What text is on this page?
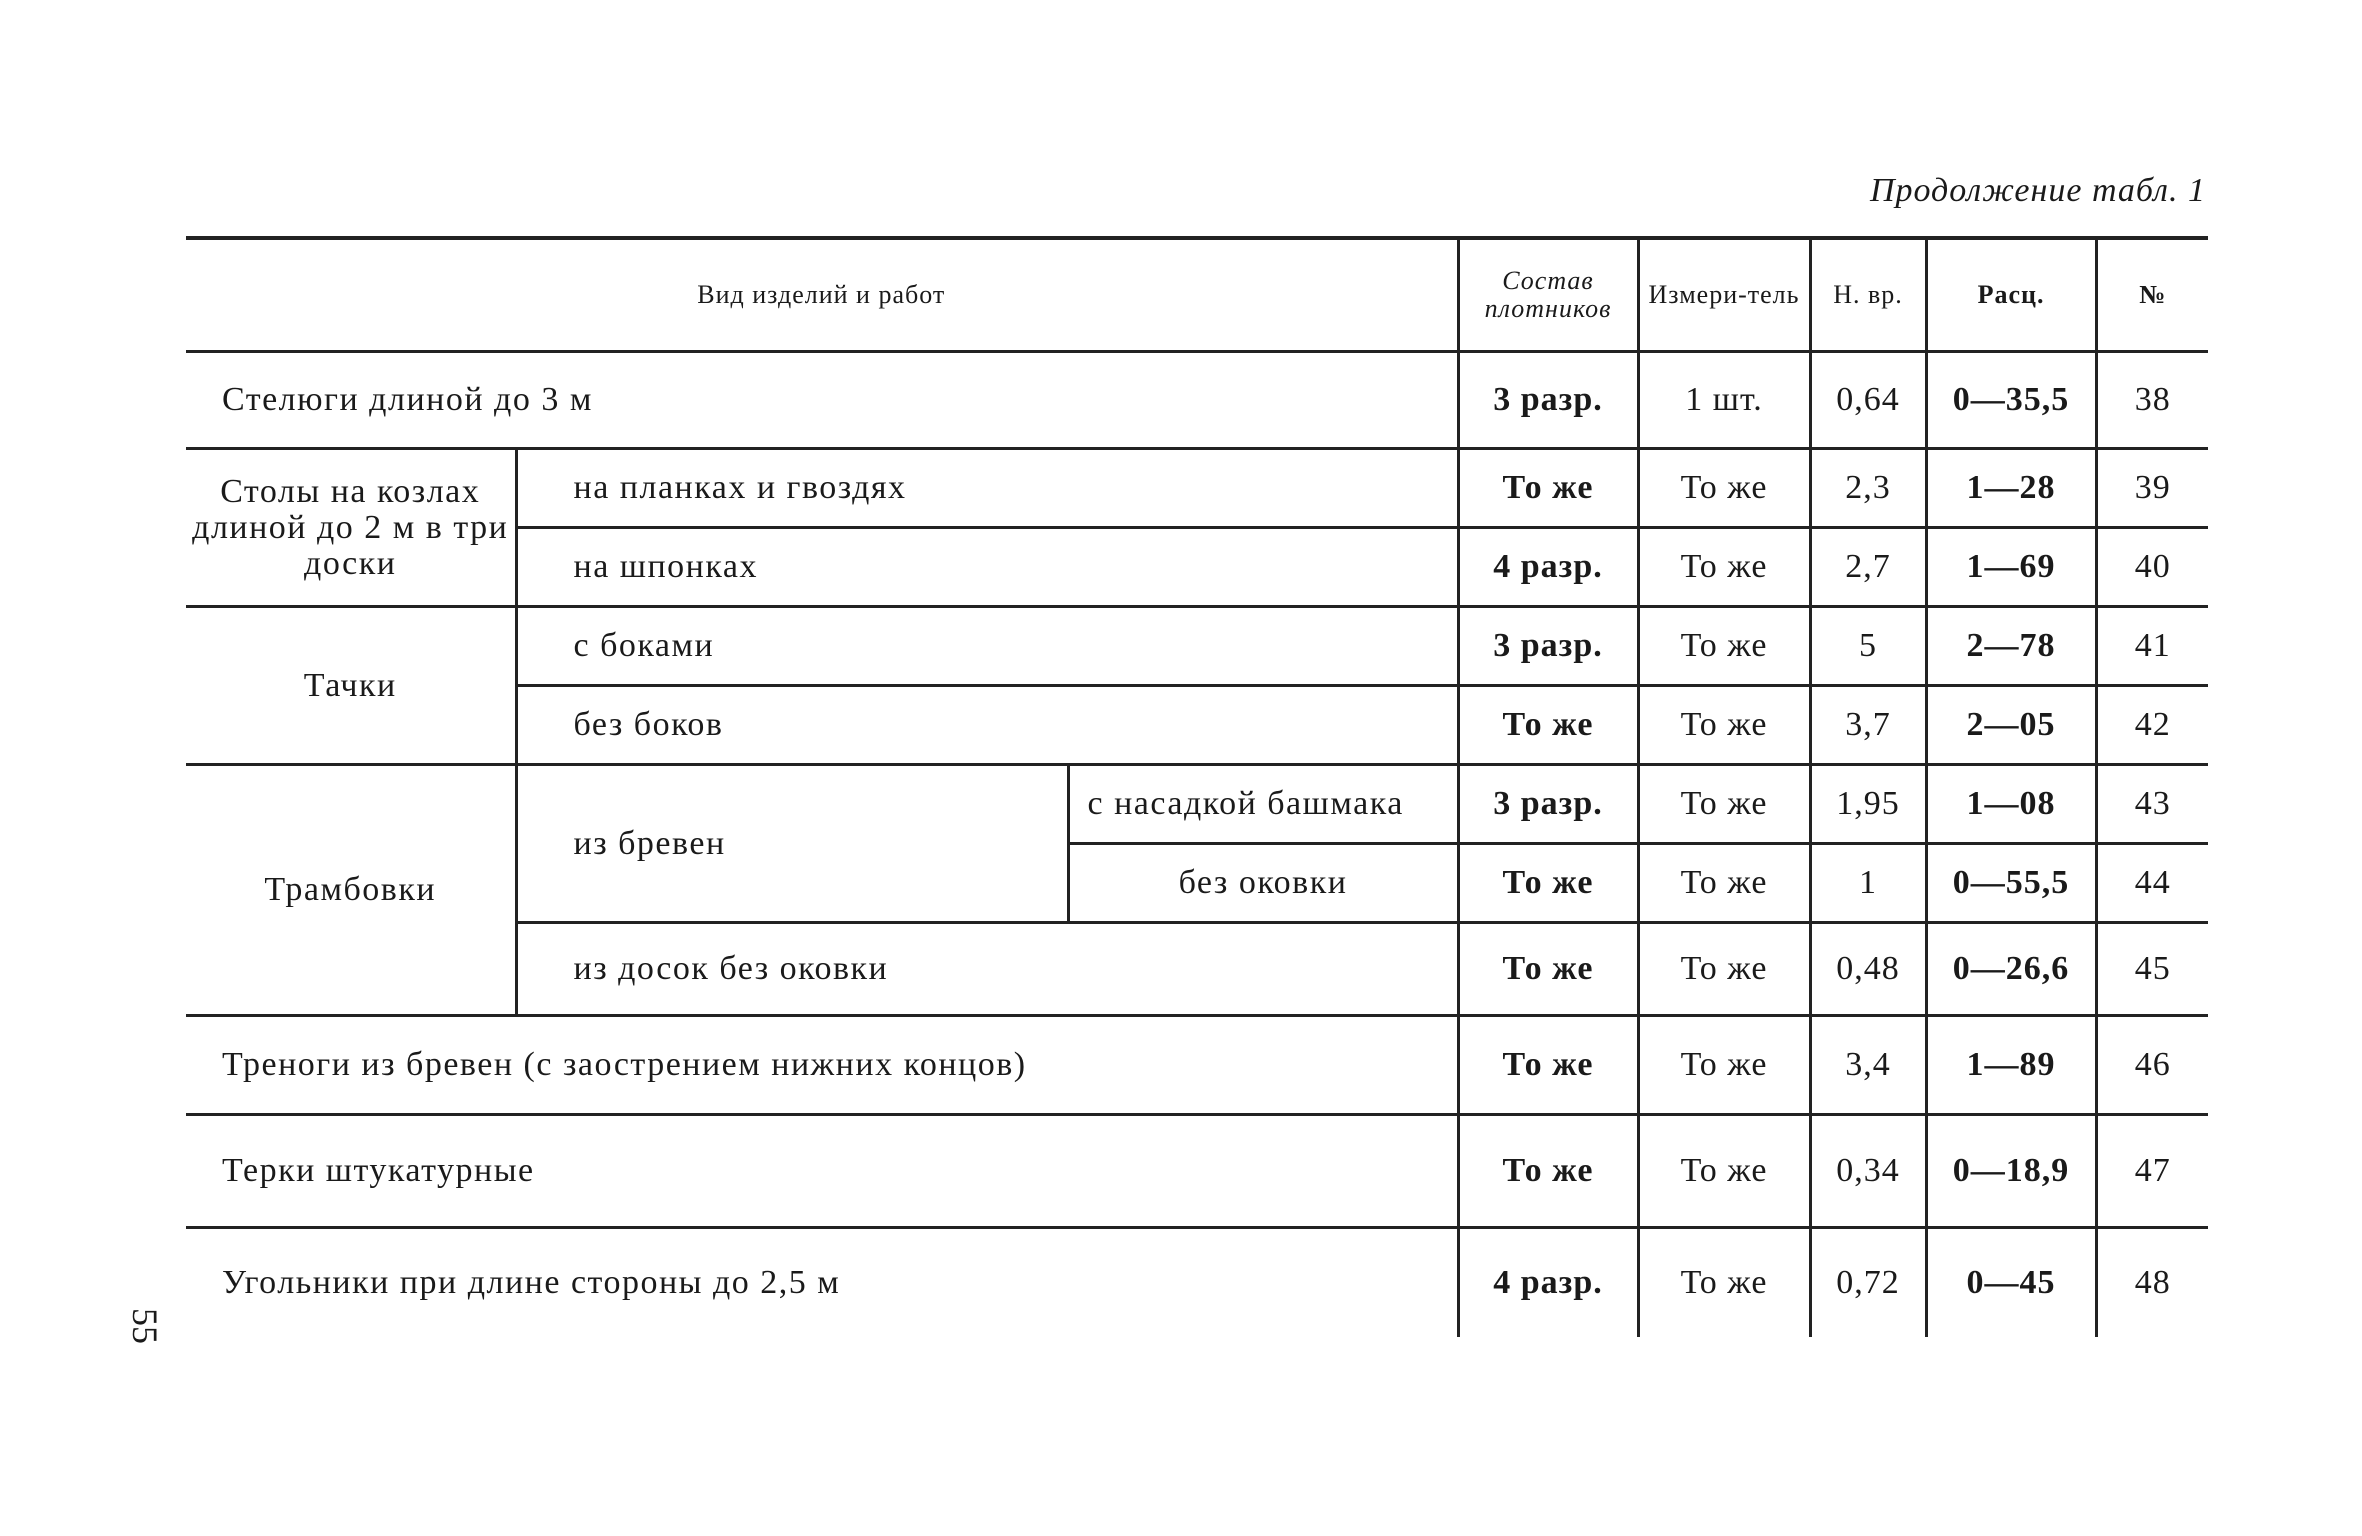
Продолжение табл. 1
55
Вид изделий и работ			Состав плотников	Измери-тель	Н. вр.	Расц.	№
Стелюги длиной до 3 м			3 разр.	1 шт.	0,64	0—35,5	38
Столы на козлах длиной до 2 м в три доски	на планках и гвоздях		То же	То же	2,3	1—28	39
	на шпонках		4 разр.	То же	2,7	1—69	40
Тачки	с боками		3 разр.	То же	5	2—78	41
	без боков		То же	То же	3,7	2—05	42
Трамбовки	из бревен	с насадкой башмака	3 разр.	То же	1,95	1—08	43
		без оковки	То же	То же	1	0—55,5	44
	из досок без оковки		То же	То же	0,48	0—26,6	45
Треноги из бревен (с заострением нижних концов)			То же	То же	3,4	1—89	46
Терки штукатурные			То же	То же	0,34	0—18,9	47
Угольники при длине стороны до 2,5 м			4 разр.	То же	0,72	0—45	48
